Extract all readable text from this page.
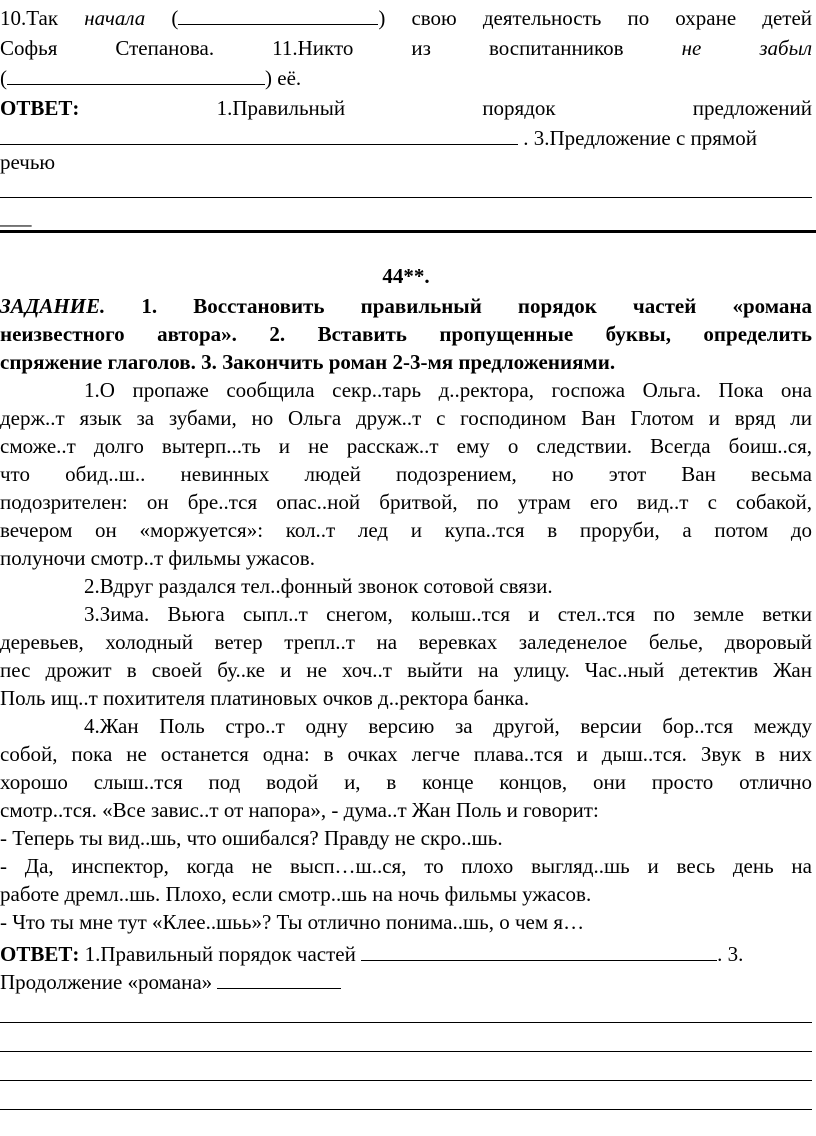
10.Так начала (	) свою деятельность по охране детей
Софья Степанова.	11.Никто из воспитанников не забыл
(	) её.
ОТВЕТ:	1.Правильный порядок предложений
. 3.Предложение с прямой
речью
___
44**.
ЗАДАНИЕ. 1. Восстановить правильный порядок частей «романа
неизвестного автора». 2. Вставить пропущенные буквы, определить
спряжение глаголов. 3. Закончить роман 2-3-мя предложениями.
1.О пропаже сообщила секр..тарь д..ректора, госпожа Ольга. Пока она
держ..т язык за зубами, но Ольга друж..т с господином Ван Глотом и вряд ли
сможе..т долго вытерп...ть и не расскаж..т ему о следствии. Всегда боиш..ся,
что обид..ш.. невинных людей подозрением, но этот Ван весьма
подозрителен: он бре..тся опас..ной бритвой, по утрам его вид..т с собакой,
вечером он «моржуется»: кол..т лед и купа..тся в проруби, а потом до
полуночи смотр..т фильмы ужасов.
2.Вдруг раздался тел..фонный звонок сотовой связи.
3.Зима. Вьюга сыпл..т снегом, колыш..тся и стел..тся по земле ветки
деревьев, холодный ветер трепл..т на веревках заледенелое белье, дворовый
пес дрожит в своей бу..ке и не хоч..т выйти на улицу. Час..ный детектив Жан
Поль ищ..т похитителя платиновых очков д..ректора банка.
4.Жан Поль стро..т одну версию за другой, версии бор..тся между
собой, пока не останется одна: в очках легче плава..тся и дыш..тся. Звук в них
хорошо слыш..тся под водой и, в конце концов, они просто отлично
смотр..тся. «Все завис..т от напора», - дума..т Жан Поль и говорит:
- Теперь ты вид..шь, что ошибался? Правду не скро..шь.
- Да, инспектор, когда не высп…ш..ся, то плохо выгляд..шь и весь день на
работе дремл..шь. Плохо, если смотр..шь на ночь фильмы ужасов.
- Что ты мне тут «Клее..шьь»? Ты отлично понима..шь, о чем я…
ОТВЕТ: 1.Правильный порядок частей	. 3.
Продолжение «романа»
